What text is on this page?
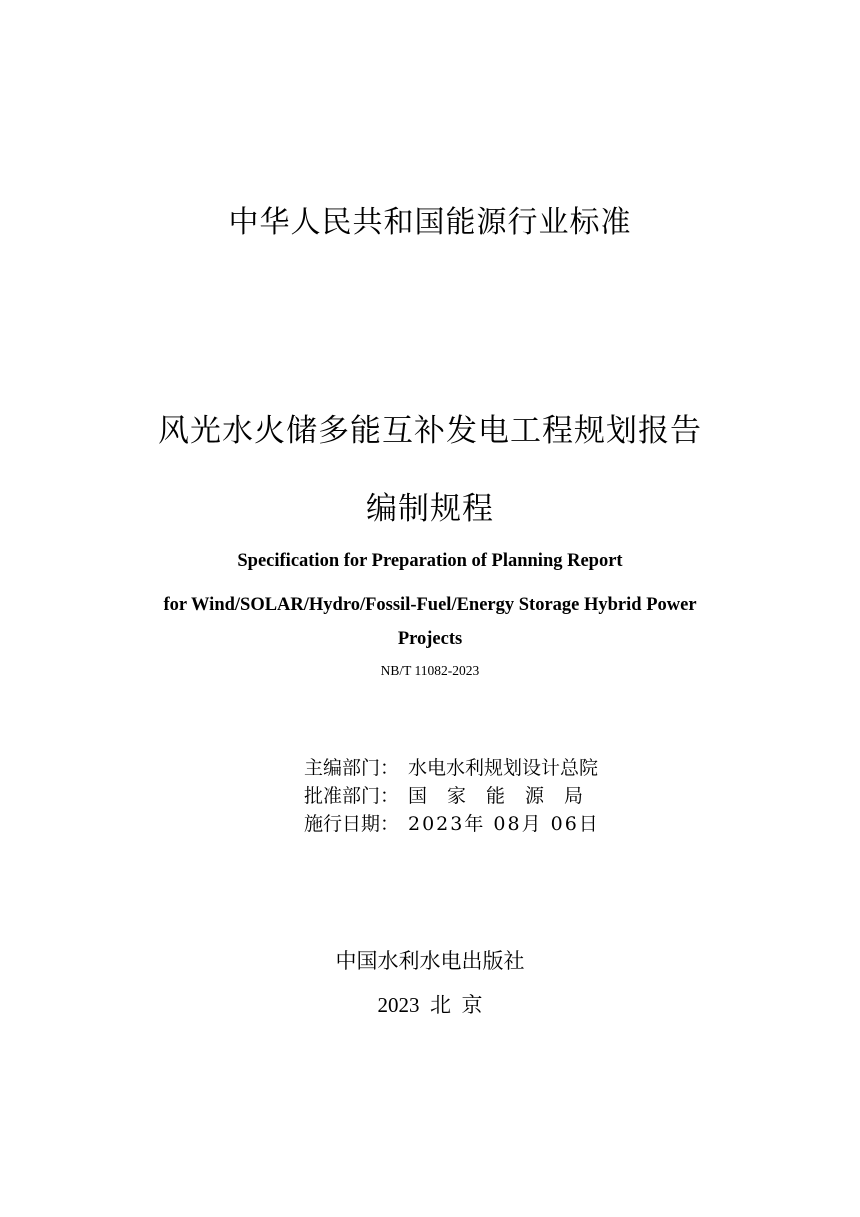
中华人民共和国能源行业标准
风光水火储多能互补发电工程规划报告
编制规程
Specification for Preparation of Planning Report
for Wind/SOLAR/Hydro/Fossil-Fuel/Energy Storage Hybrid Power
Projects
NB/T 11082-2023
主编部门： 水电水利规划设计总院
批准部门： 国家能源局
施行日期： 2023年 08月 06日
中国水利水电出版社
2023  北  京
